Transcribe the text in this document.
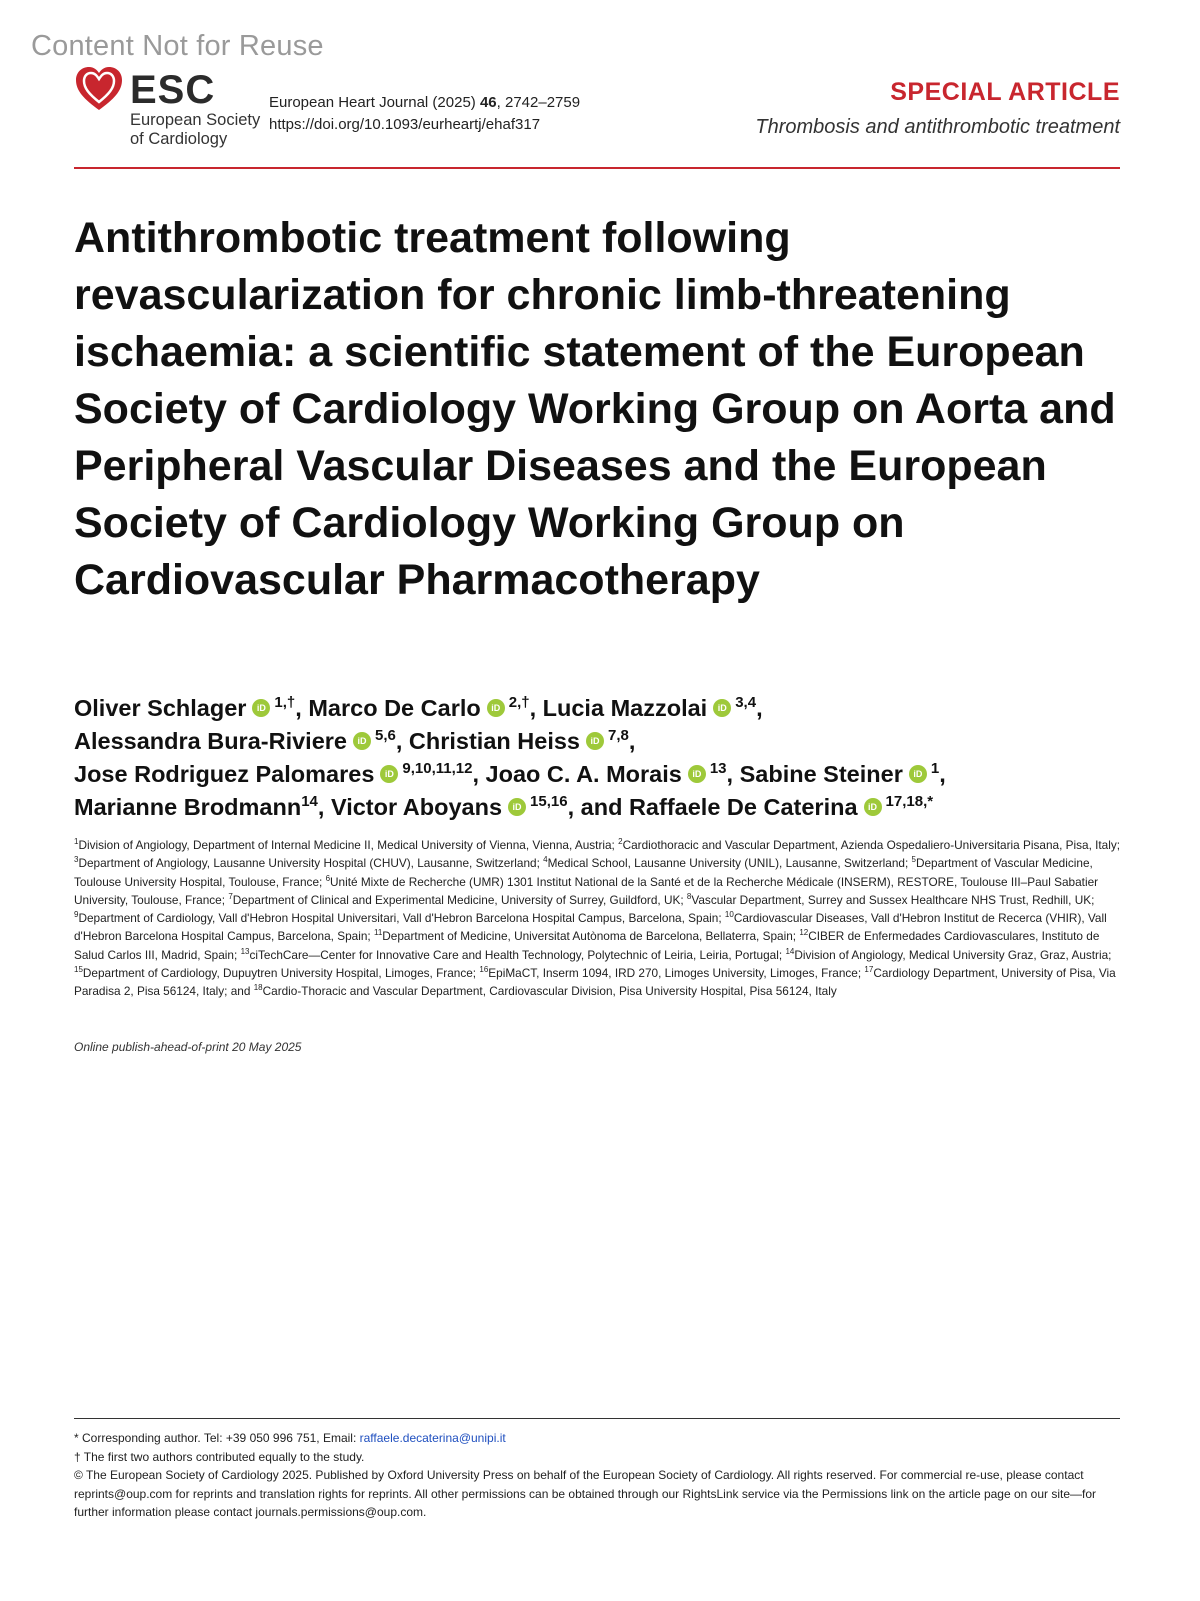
Content Not for Reuse
ESC
European Society
of Cardiology
European Heart Journal (2025) 46, 2742–2759
https://doi.org/10.1093/eurheartj/ehaf317
SPECIAL ARTICLE
Thrombosis and antithrombotic treatment
Antithrombotic treatment following revascularization for chronic limb-threatening ischaemia: a scientific statement of the European Society of Cardiology Working Group on Aorta and Peripheral Vascular Diseases and the European Society of Cardiology Working Group on Cardiovascular Pharmacotherapy
Oliver Schlager iD $^{1,\dagger}$, Marco De Carlo iD $^{2,\dagger}$, Lucia Mazzolai iD $^{3,4}$,
Alessandra Bura-Riviere iD $^{5,6}$, Christian Heiss iD $^{7,8}$,
Jose Rodriguez Palomares iD $^{9,10,11,12}$, Joao C. A. Morais iD $^{13}$, Sabine Steiner iD $^1$,
Marianne Brodmann$^{14}$, Victor Aboyans iD $^{15,16}$, and Raffaele De Caterina iD $^{17,18,*}$
$^1$Division of Angiology, Department of Internal Medicine II, Medical University of Vienna, Vienna, Austria; $^2$Cardiothoracic and Vascular Department, Azienda Ospedaliero-Universitaria Pisana, Pisa, Italy; $^3$Department of Angiology, Lausanne University Hospital (CHUV), Lausanne, Switzerland; $^4$Medical School, Lausanne University (UNIL), Lausanne, Switzerland; $^5$Department of Vascular Medicine, Toulouse University Hospital, Toulouse, France; $^6$Unité Mixte de Recherche (UMR) 1301 Institut National de la Santé et de la Recherche Médicale (INSERM), RESTORE, Toulouse III–Paul Sabatier University, Toulouse, France; $^7$Department of Clinical and Experimental Medicine, University of Surrey, Guildford, UK; $^8$Vascular Department, Surrey and Sussex Healthcare NHS Trust, Redhill, UK; $^9$Department of Cardiology, Vall d'Hebron Hospital Universitari, Vall d'Hebron Barcelona Hospital Campus, Barcelona, Spain; $^{10}$Cardiovascular Diseases, Vall d'Hebron Institut de Recerca (VHIR), Vall d'Hebron Barcelona Hospital Campus, Barcelona, Spain; $^{11}$Department of Medicine, Universitat Autònoma de Barcelona, Bellaterra, Spain; $^{12}$CIBER de Enfermedades Cardiovasculares, Instituto de Salud Carlos III, Madrid, Spain; $^{13}$ciTechCare—Center for Innovative Care and Health Technology, Polytechnic of Leiria, Leiria, Portugal; $^{14}$Division of Angiology, Medical University Graz, Graz, Austria; $^{15}$Department of Cardiology, Dupuytren University Hospital, Limoges, France; $^{16}$EpiMaCT, Inserm 1094, IRD 270, Limoges University, Limoges, France; $^{17}$Cardiology Department, University of Pisa, Via Paradisa 2, Pisa 56124, Italy; and $^{18}$Cardio-Thoracic and Vascular Department, Cardiovascular Division, Pisa University Hospital, Pisa 56124, Italy
Online publish-ahead-of-print 20 May 2025
* Corresponding author. Tel: +39 050 996 751, Email: raffaele.decaterina@unipi.it
† The first two authors contributed equally to the study.
© The European Society of Cardiology 2025. Published by Oxford University Press on behalf of the European Society of Cardiology. All rights reserved. For commercial re-use, please contact reprints@oup.com for reprints and translation rights for reprints. All other permissions can be obtained through our RightsLink service via the Permissions link on the article page on our site—for further information please contact journals.permissions@oup.com.
